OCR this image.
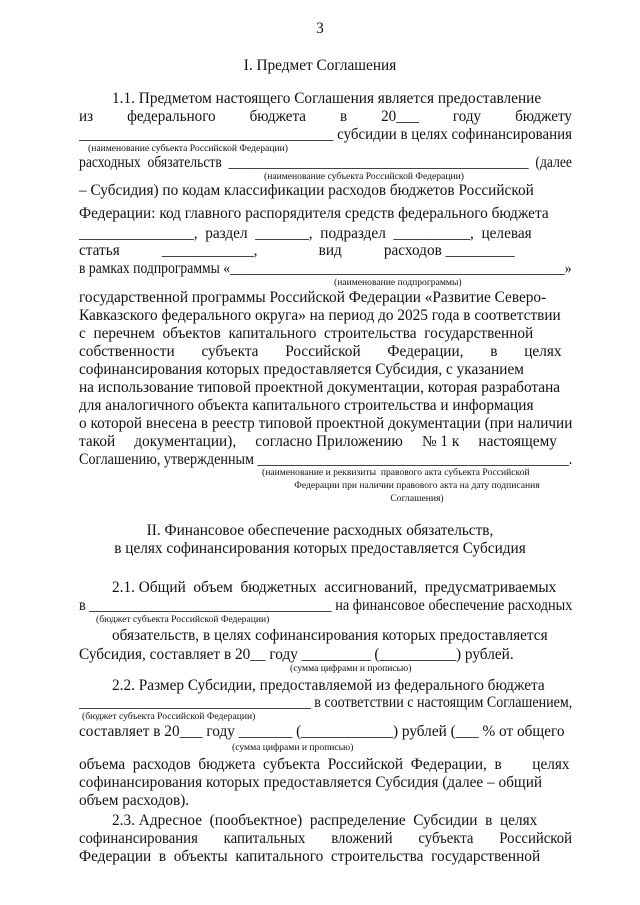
3
I. Предмет Соглашения
1.1. Предметом настоящего Соглашения является предоставление
из         федерального         бюджета         в         20___         году         бюджету
__________________________________ субсидии в целях софинансирования
(наименование субъекта Российской Федерации)
расходных  обязательств  ____________________________________________  (далее
(наименование субъекта Российской Федерации)
– Субсидия) по кодам классификации расходов бюджетов Российской
Федерации: код главного распорядителя средств федерального бюджета
_______________,  раздел  _______,  подраздел  __________,  целевая
статья           ____________,                вид           расходов _________
в рамках подпрограммы «_________________________________________________»
(наименование подпрограммы)
государственной программы Российской Федерации «Развитие Северо-
Кавказского федерального округа» на период до 2025 года в соответствии
с  перечнем  объектов  капитального  строительства  государственной
собственности       субъекта       Российской       Федерации,       в       целях
софинансирования которых предоставляется Субсидия, с указанием
на использование типовой проектной документации, которая разработана
для аналогичного объекта капитального строительства и информация
о которой внесена в реестр типовой проектной документации (при наличии
такой     документации),     согласно Приложению     № 1 к     настоящему
Соглашению, утвержденным ____________________________________________.
(наименование и реквизиты  правового акта субъекта Российской
Федерации при наличии правового акта на дату подписания
Соглашения)
II. Финансовое обеспечение расходных обязательств,
в целях софинансирования которых предоставляется Субсидия
2.1. Общий  объем  бюджетных  ассигнований,  предусматриваемых
в __________________________________ на финансовое обеспечение расходных
(бюджет субъекта Российской Федерации)
обязательств, в целях софинансирования которых предоставляется
Субсидия, составляет в 20__ году _________ (__________) рублей.
(сумма цифрами и прописью)
2.2. Размер Субсидии, предоставляемой из федерального бюджета
_________________________________ в соответствии с настоящим Соглашением,
(бюджет субъекта Российской Федерации)
составляет в 20___ году _______ (____________) рублей (___ % от общего
(сумма цифрами и прописью)
объема  расходов  бюджета  субъекта  Российской  Федерации,  в        целях
софинансирования которых предоставляется Субсидия (далее – общий
объем расходов).
2.3. Адресное  (пообъектное)  распределение  Субсидии  в  целях
софинансирования       капитальных       вложений       субъекта       Российской
Федерации  в  объекты  капитального  строительства  государственной
